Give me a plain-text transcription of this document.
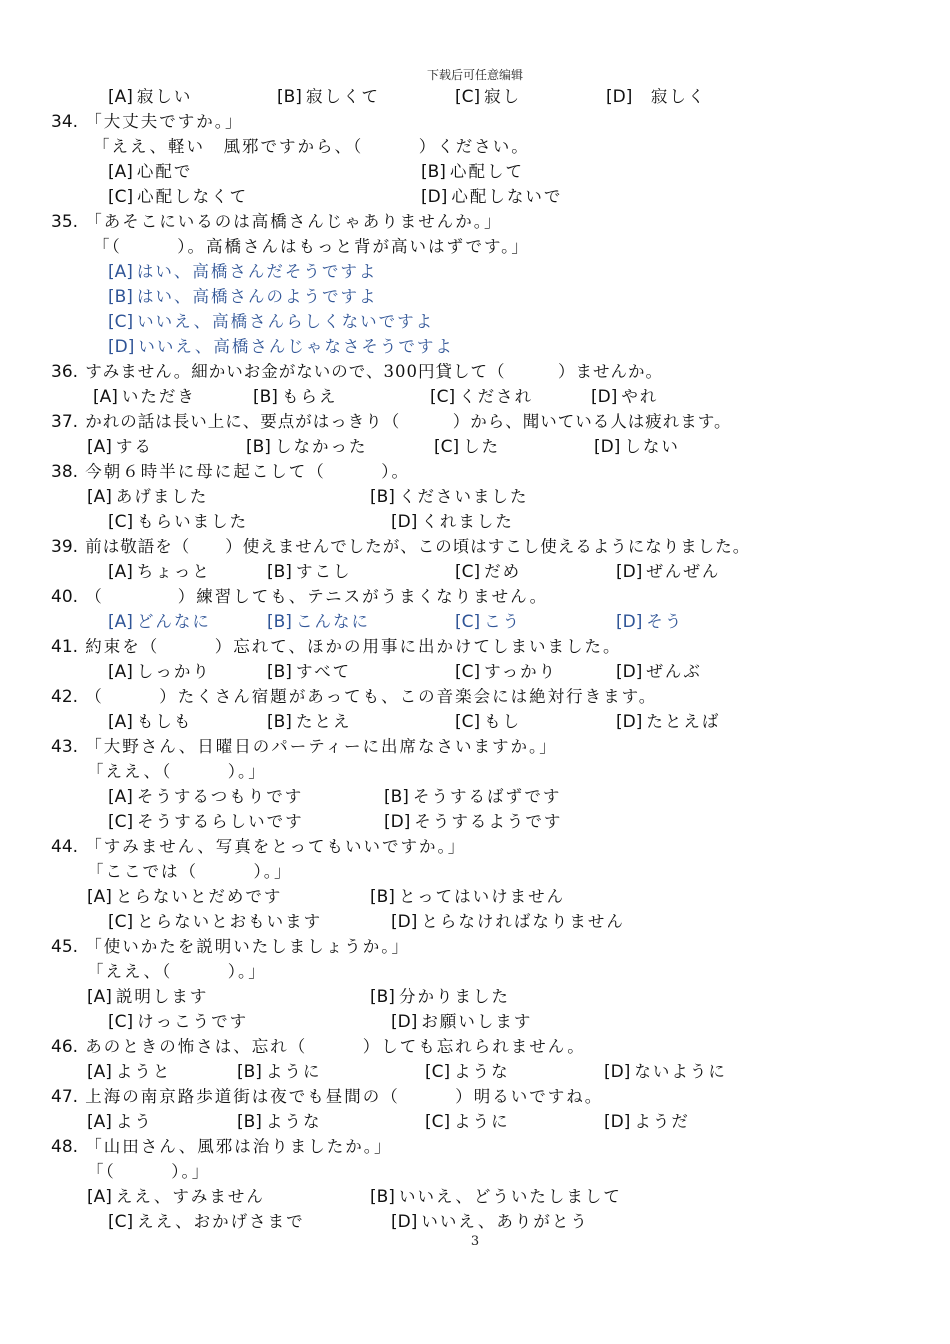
下载后可任意编辑
[A] 寂しい	[B] 寂しくて	[C] 寂し	[D] 寂しく
34. 「大丈夫ですか。」
「ええ、軽い　風邪ですから、（　　　）ください。
[A] 心配で	[B] 心配して
[C] 心配しなくて	[D] 心配しないで
35. 「あそこにいるのは高橋さんじゃありませんか。」
「（　　　）。高橋さんはもっと背が高いはずです。」
[A] はい、高橋さんだそうですよ
[B] はい、高橋さんのようですよ
[C] いいえ、高橋さんらしくないですよ
[D] いいえ、高橋さんじゃなさそうですよ
36. すみません。細かいお金がないので、300円貸して（　　　）ませんか。
[A] いただき	[B] もらえ	[C] くだされ	[D] やれ
37. かれの話は長い上に、要点がはっきり（　　　）から、聞いている人は疲れます。
[A] する	[B] しなかった	[C] した	[D] しない
38. 今朝６時半に母に起こして（　　　）。
[A] あげました	[B] くださいました
[C] もらいました	[D] くれました
39. 前は敬語を（　　）使えませんでしたが、この頃はすこし使えるようになりました。
[A] ちょっと	[B] すこし	[C] だめ	[D] ぜんぜん
40. （　　　　）練習しても、テニスがうまくなりません。
[A] どんなに	[B] こんなに	[C] こう	[D] そう
41. 約束を（　　　）忘れて、ほかの用事に出かけてしまいました。
[A] しっかり	[B] すべて	[C] すっかり	[D] ぜんぶ
42. （　　　）たくさん宿題があっても、この音楽会には絶対行きます。
[A] もしも	[B] たとえ	[C] もし	[D] たとえば
43. 「大野さん、日曜日のパーティーに出席なさいますか。」
「ええ、（　　　）。」
[A] そうするつもりです	[B] そうするばずです
[C] そうするらしいです	[D] そうするようです
44. 「すみません、写真をとってもいいですか。」
「ここでは（　　　）。」
[A] とらないとだめです	[B] とってはいけません
[C] とらないとおもいます	[D] とらなければなりません
45. 「使いかたを説明いたしましょうか。」
「ええ、（　　　）。」
[A] 説明します	[B] 分かりました
[C] けっこうです	[D] お願いします
46. あのときの怖さは、忘れ（　　　）しても忘れられません。
[A] ようと	[B] ように	[C] ような	[D] ないように
47. 上海の南京路歩道街は夜でも昼間の（　　　）明るいですね。
[A] よう	[B] ような	[C] ように	[D] ようだ
48. 「山田さん、風邪は治りましたか。」
「（　　　）。」
[A] ええ、すみません	[B] いいえ、どういたしまして
[C] ええ、おかげさまで	[D] いいえ、ありがとう
3
